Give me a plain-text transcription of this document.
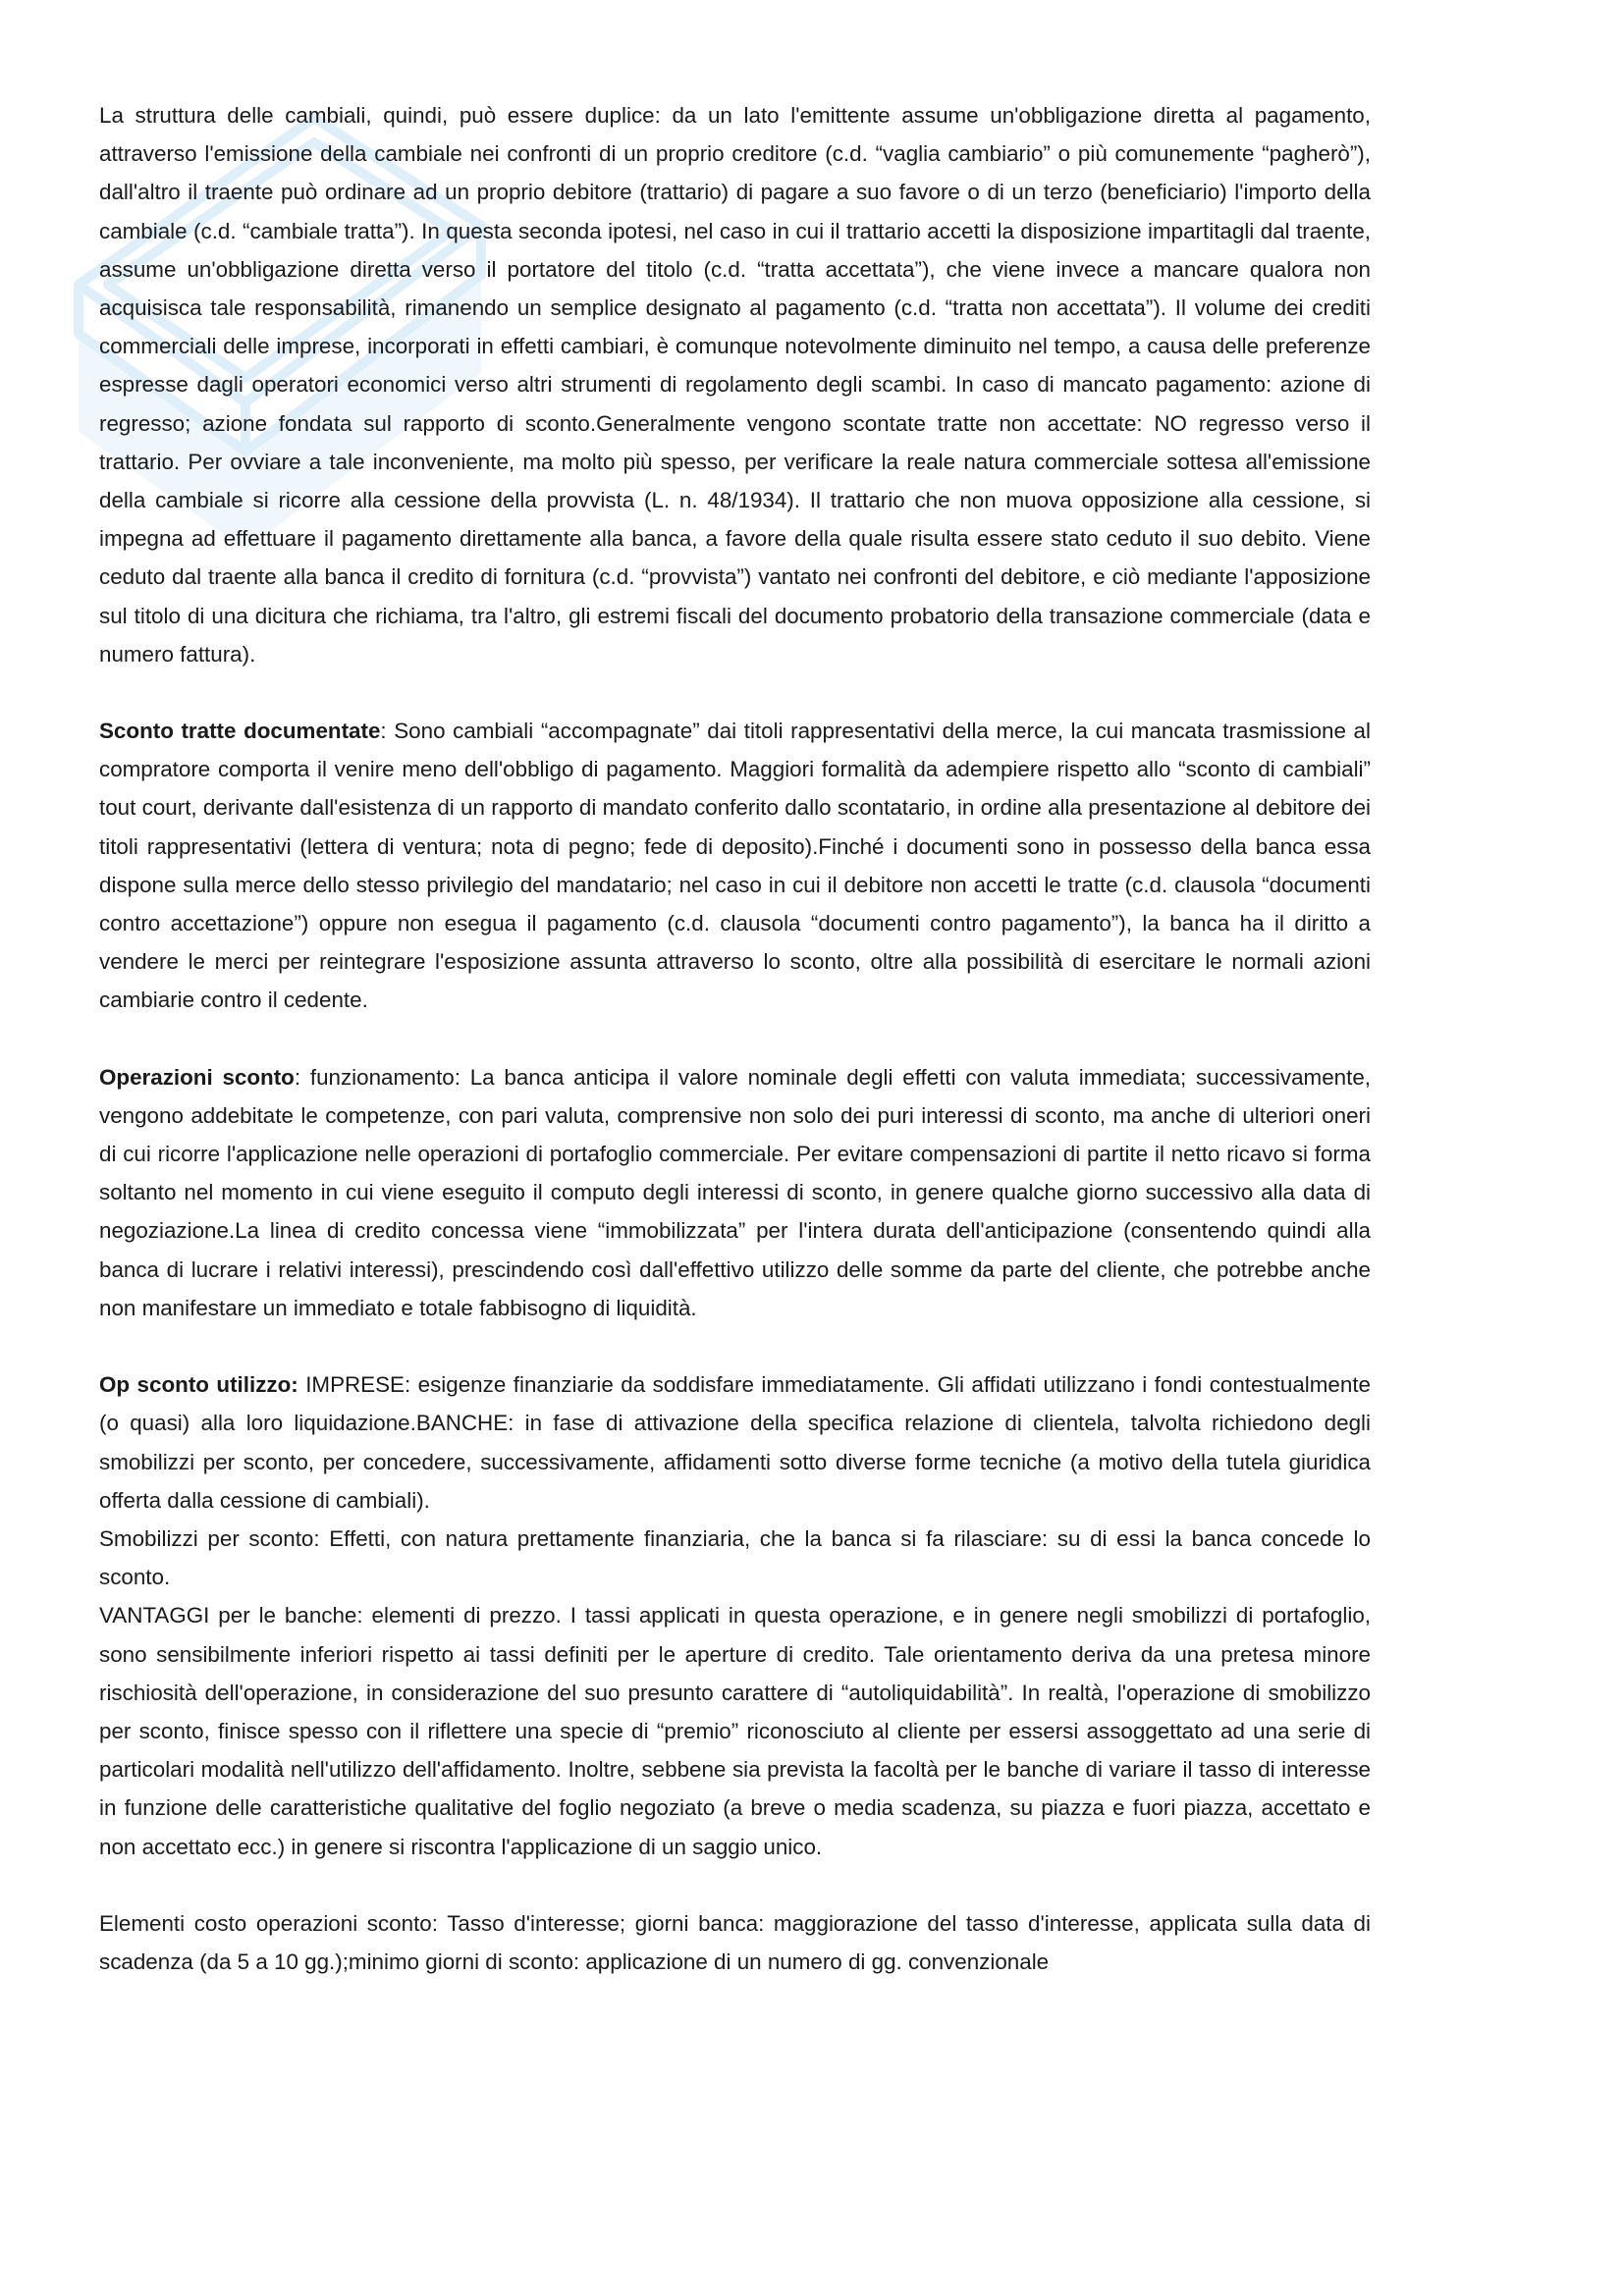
La struttura delle cambiali, quindi, può essere duplice: da un lato l'emittente assume un'obbligazione diretta al pagamento, attraverso l'emissione della cambiale nei confronti di un proprio creditore (c.d. “vaglia cambiario” o più comunemente “pagherò”), dall'altro il traente può ordinare ad un proprio debitore (trattario) di pagare a suo favore o di un terzo (beneficiario) l'importo della cambiale (c.d. “cambiale tratta”). In questa seconda ipotesi, nel caso in cui il trattario accetti la disposizione impartitagli dal traente, assume un'obbligazione diretta verso il portatore del titolo (c.d. “tratta accettata”), che viene invece a mancare qualora non acquisisca tale responsabilità, rimanendo un semplice designato al pagamento (c.d. “tratta non accettata”). Il volume dei crediti commerciali delle imprese, incorporati in effetti cambiari, è comunque notevolmente diminuito nel tempo, a causa delle preferenze espresse dagli operatori economici verso altri strumenti di regolamento degli scambi. In caso di mancato pagamento: azione di regresso; azione fondata sul rapporto di sconto.Generalmente vengono scontate tratte non accettate: NO regresso verso il trattario. Per ovviare a tale inconveniente, ma molto più spesso, per verificare la reale natura commerciale sottesa all'emissione della cambiale si ricorre alla cessione della provvista (L. n. 48/1934). Il trattario che non muova opposizione alla cessione, si impegna ad effettuare il pagamento direttamente alla banca, a favore della quale risulta essere stato ceduto il suo debito. Viene ceduto dal traente alla banca il credito di fornitura (c.d. “provvista”) vantato nei confronti del debitore, e ciò mediante l'apposizione sul titolo di una dicitura che richiama, tra l'altro, gli estremi fiscali del documento probatorio della transazione commerciale (data e numero fattura).

Sconto tratte documentate: Sono cambiali “accompagnate” dai titoli rappresentativi della merce, la cui mancata trasmissione al compratore comporta il venire meno dell'obbligo di pagamento. Maggiori formalità da adempiere rispetto allo “sconto di cambiali” tout court, derivante dall'esistenza di un rapporto di mandato conferito dallo scontatario, in ordine alla presentazione al debitore dei titoli rappresentativi (lettera di ventura; nota di pegno; fede di deposito).Finché i documenti sono in possesso della banca essa dispone sulla merce dello stesso privilegio del mandatario; nel caso in cui il debitore non accetti le tratte (c.d. clausola “documenti contro accettazione”) oppure non esegua il pagamento (c.d. clausola “documenti contro pagamento”), la banca ha il diritto a vendere le merci per reintegrare l'esposizione assunta attraverso lo sconto, oltre alla possibilità di esercitare le normali azioni cambiarie contro il cedente.

Operazioni sconto: funzionamento: La banca anticipa il valore nominale degli effetti con valuta immediata; successivamente, vengono addebitate le competenze, con pari valuta, comprensive non solo dei puri interessi di sconto, ma anche di ulteriori oneri di cui ricorre l'applicazione nelle operazioni di portafoglio commerciale. Per evitare compensazioni di partite il netto ricavo si forma soltanto nel momento in cui viene eseguito il computo degli interessi di sconto, in genere qualche giorno successivo alla data di negoziazione.La linea di credito concessa viene “immobilizzata” per l'intera durata dell'anticipazione (consentendo quindi alla banca di lucrare i relativi interessi), prescindendo così dall'effettivo utilizzo delle somme da parte del cliente, che potrebbe anche non manifestare un immediato e totale fabbisogno di liquidità.

Op sconto utilizzo: IMPRESE: esigenze finanziarie da soddisfare immediatamente. Gli affidati utilizzano i fondi contestualmente (o quasi) alla loro liquidazione.BANCHE: in fase di attivazione della specifica relazione di clientela, talvolta richiedono degli smobilizzi per sconto, per concedere, successivamente, affidamenti sotto diverse forme tecniche (a motivo della tutela giuridica offerta dalla cessione di cambiali).

Smobilizzi per sconto: Effetti, con natura prettamente finanziaria, che la banca si fa rilasciare: su di essi la banca concede lo sconto.

VANTAGGI per le banche: elementi di prezzo. I tassi applicati in questa operazione, e in genere negli smobilizzi di portafoglio, sono sensibilmente inferiori rispetto ai tassi definiti per le aperture di credito. Tale orientamento deriva da una pretesa minore rischiosità dell'operazione, in considerazione del suo presunto carattere di “autoliquidabilità”. In realtà, l'operazione di smobilizzo per sconto, finisce spesso con il riflettere una specie di “premio” riconosciuto al cliente per essersi assoggettato ad una serie di particolari modalità nell'utilizzo dell'affidamento. Inoltre, sebbene sia prevista la facoltà per le banche di variare il tasso di interesse in funzione delle caratteristiche qualitative del foglio negoziato (a breve o media scadenza, su piazza e fuori piazza, accettato e non accettato ecc.) in genere si riscontra l'applicazione di un saggio unico.

Elementi costo operazioni sconto: Tasso d'interesse; giorni banca: maggiorazione del tasso d'interesse, applicata sulla data di scadenza (da 5 a 10 gg.);minimo giorni di sconto: applicazione di un numero di gg. convenzionale
